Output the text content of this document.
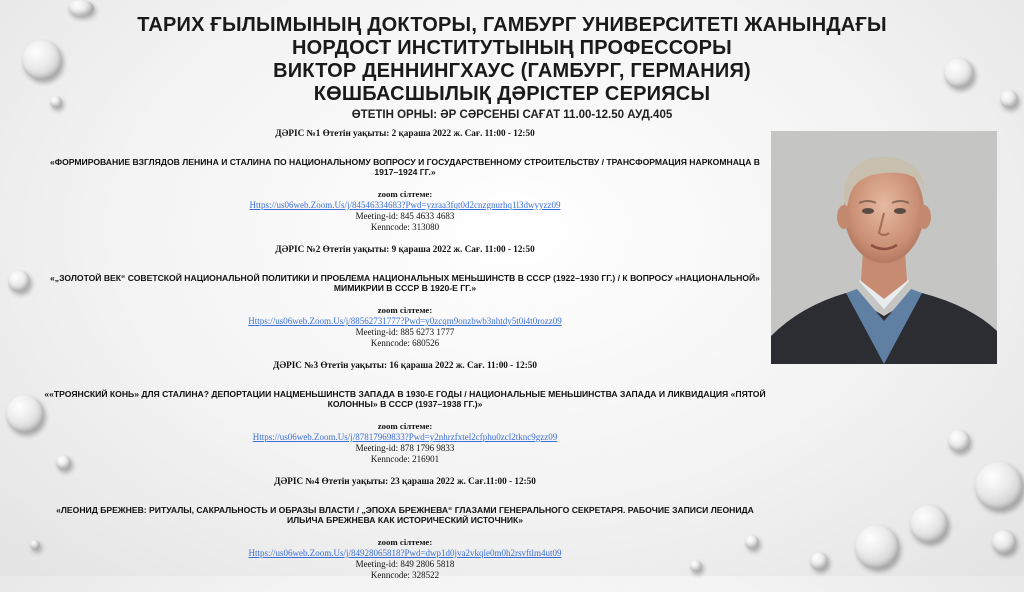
ТАРИХ ҒЫЛЫМЫНЫҢ ДОКТОРЫ, ГАМБУРГ УНИВЕРСИТЕТІ ЖАНЫНДАҒЫ
НОРДОСТ ИНСТИТУТЫНЫҢ ПРОФЕССОРЫ
ВИКТОР ДЕННИНГХАУС (ГАМБУРГ, ГЕРМАНИЯ)
КӨШБАСШЫЛЫҚ ДӘРІСТЕР СЕРИЯСЫ
ӨТЕТІН ОРНЫ: ӘР СӘРСЕНБІ САҒАТ 11.00-12.50 АУД.405
ДӘРІС №1 Өтетін уақыты: 2 қараша 2022 ж. Сағ. 11:00 - 12:50
«ФОРМИРОВАНИЕ ВЗГЛЯДОВ ЛЕНИНА И СТАЛИНА ПО НАЦИОНАЛЬНОМУ ВОПРОСУ И ГОСУДАРСТВЕННОМУ СТРОИТЕЛЬСТВУ / ТРАНСФОРМАЦИЯ НАРКОМНАЦА В 1917–1924 ГГ.»
zoom сілтеме:
Https://us06web.Zoom.Us/j/84546334683?Pwd=yzraa3fqt0d2cnzgnurhq1l3dwyyzz09
Meeting-id: 845 4633 4683
Kenncode: 313080
ДӘРІС №2 Өтетін уақыты: 9 қараша 2022 ж. Сағ. 11:00 - 12:50
«„ЗОЛОТОЙ ВЕК“ СОВЕТСКОЙ НАЦИОНАЛЬНОЙ ПОЛИТИКИ И ПРОБЛЕМА НАЦИОНАЛЬНЫХ МЕНЬШИНСТВ В СССР (1922–1930 ГГ.) / К ВОПРОСУ «НАЦИОНАЛЬНОЙ» МИМИКРИИ В СССР В 1920-Е ГГ.»
zoom сілтеме:
Https://us06web.Zoom.Us/j/88562731777?Pwd=y0zcqm9onzbwb3nhtdy5t0i4t0rozz09
Meeting-id: 885 6273 1777
Kenncode: 680526
ДӘРІС №3 Өтетін уақыты: 16 қараша 2022 ж. Сағ. 11:00 - 12:50
««ТРОЯНСКИЙ КОНЬ» ДЛЯ СТАЛИНА? ДЕПОРТАЦИИ НАЦМЕНЬШИНСТВ ЗАПАДА В 1930-Е ГОДЫ / НАЦИОНАЛЬНЫЕ МЕНЬШИНСТВА ЗАПАДА И ЛИКВИДАЦИЯ «ПЯТОЙ КОЛОННЫ» В СССР (1937–1938 ГГ.)»
zoom сілтеме:
Https://us06web.Zoom.Us/j/87817969833?Pwd=y2nhrzfxtel2cfphu0zcl2tknc9gzz09
Meeting-id: 878 1796 9833
Kenncode: 216901
ДӘРІС №4 Өтетін уақыты: 23 қараша 2022 ж. Сағ.11:00 - 12:50
«ЛЕОНИД БРЕЖНЕВ: РИТУАЛЫ, САКРАЛЬНОСТЬ И ОБРАЗЫ ВЛАСТИ / „ЭПОХА БРЕЖНЕВА“ ГЛАЗАМИ ГЕНЕРАЛЬНОГО СЕКРЕТАРЯ. РАБОЧИЕ ЗАПИСИ ЛЕОНИДА ИЛЬИЧА БРЕЖНЕВА КАК ИСТОРИЧЕСКИЙ ИСТОЧНИК»
zoom сілтеме:
Https://us06web.Zoom.Us/j/84928065818?Pwd=dwp1d0jva2vkqle0m0h2rsvftlm4ut09
Meeting-id: 849 2806 5818
Kenncode: 328522
